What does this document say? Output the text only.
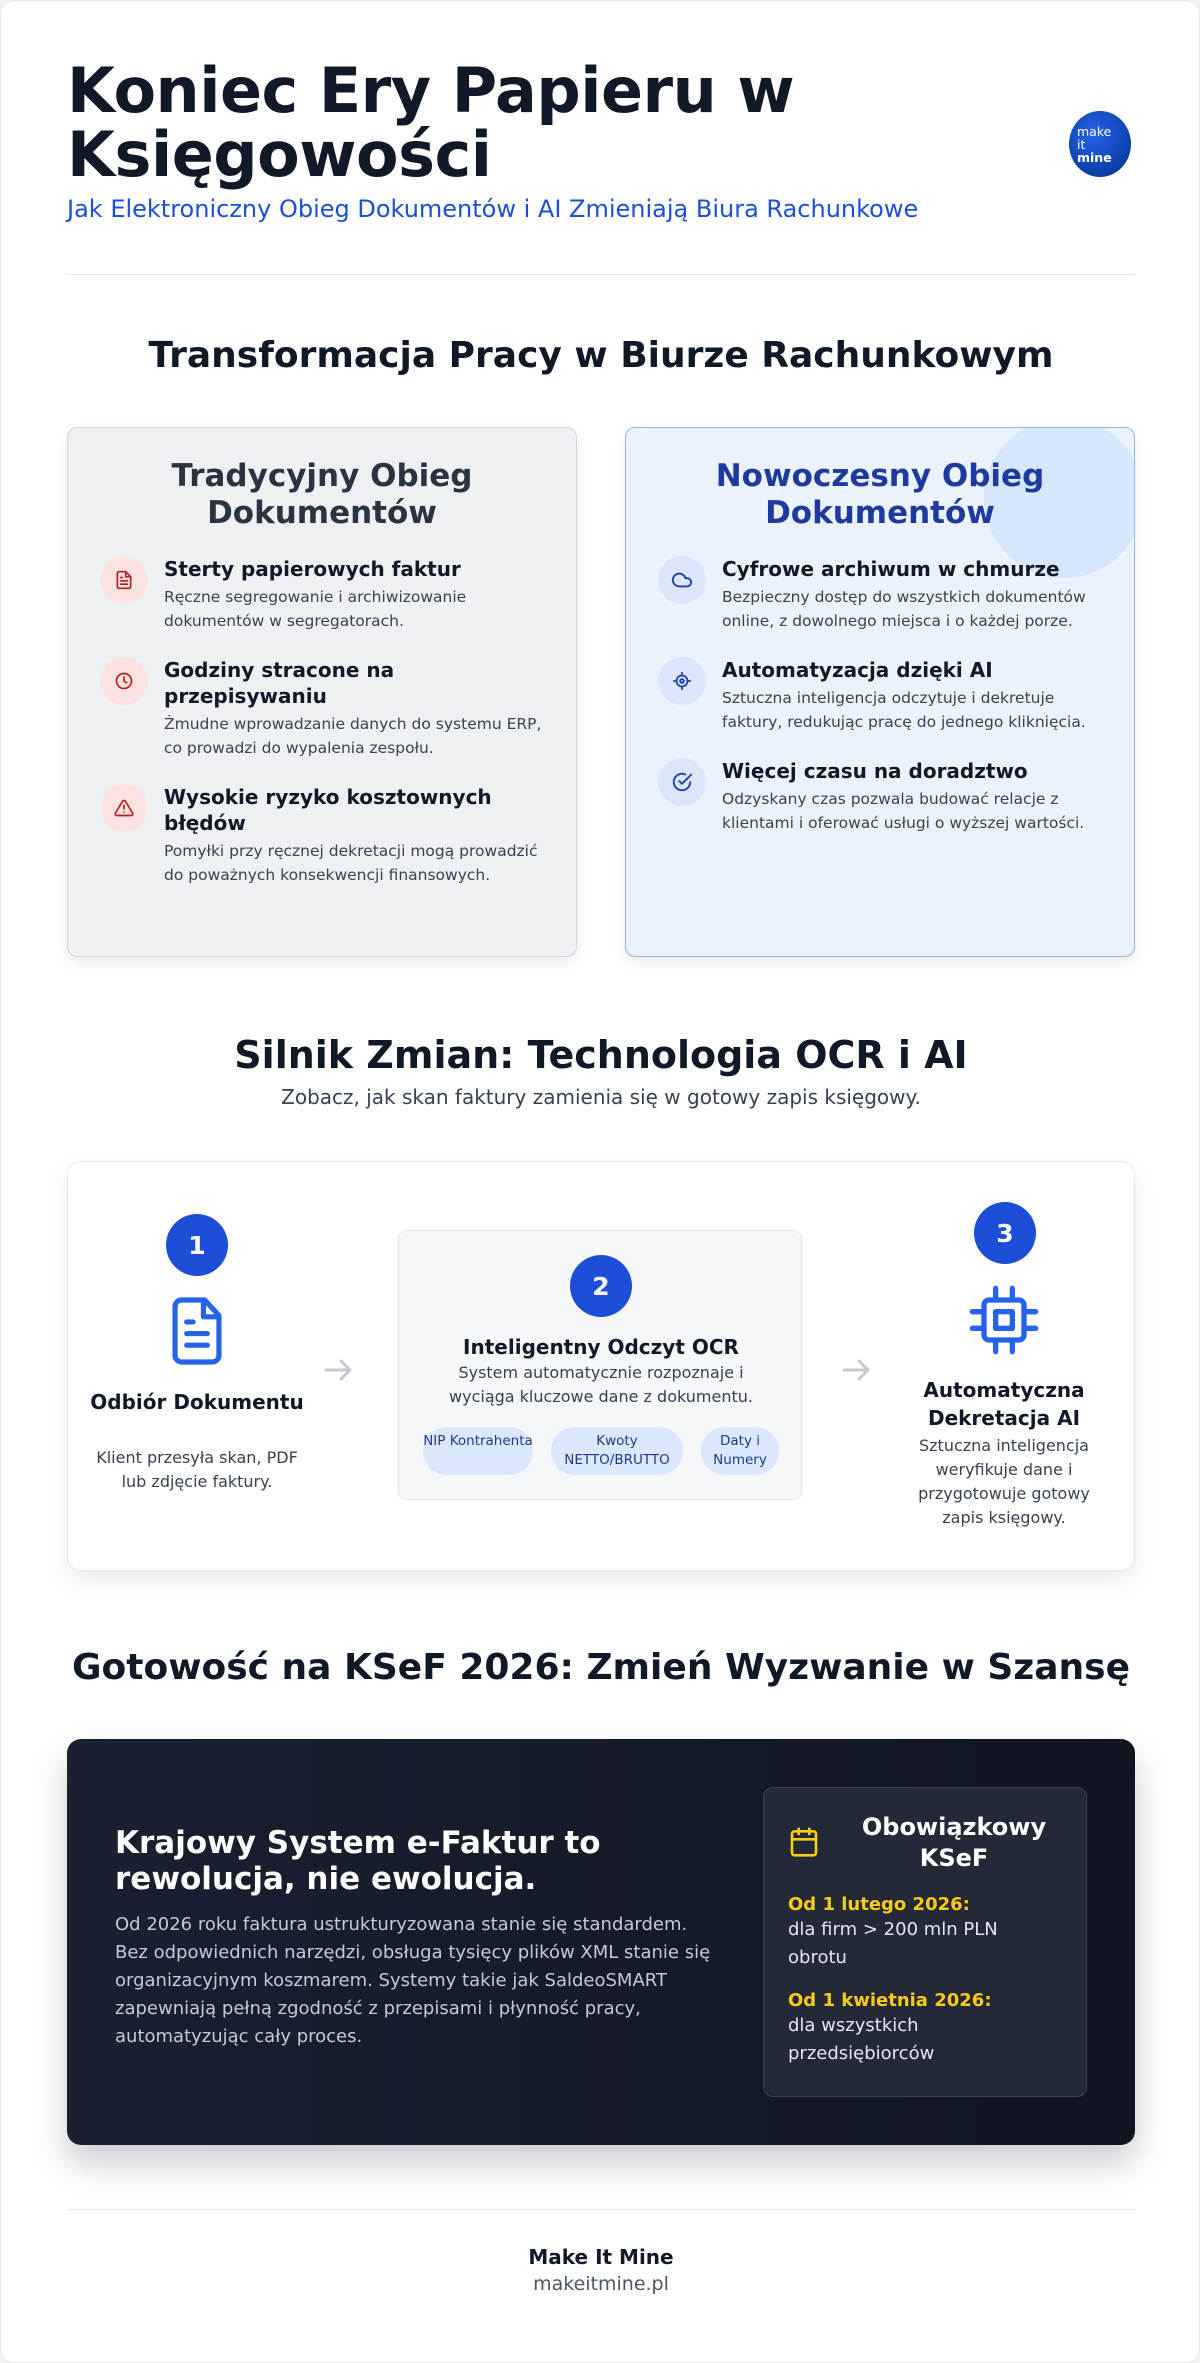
Koniec Ery Papieru w Księgowości
Jak Elektroniczny Obieg Dokumentów i AI Zmieniają Biura Rachunkowe
make
it
mine
Transformacja Pracy w Biurze Rachunkowym
Tradycyjny Obieg Dokumentów
Sterty papierowych faktur
Ręczne segregowanie i archiwizowanie dokumentów w segregatorach.
Godziny stracone na przepisywaniu
Żmudne wprowadzanie danych do systemu ERP, co prowadzi do wypalenia zespołu.
Wysokie ryzyko kosztownych błędów
Pomyłki przy ręcznej dekretacji mogą prowadzić do poważnych konsekwencji finansowych.
Nowoczesny Obieg Dokumentów
Cyfrowe archiwum w chmurze
Bezpieczny dostęp do wszystkich dokumentów online, z dowolnego miejsca i o każdej porze.
Automatyzacja dzięki AI
Sztuczna inteligencja odczytuje i dekretuje faktury, redukując pracę do jednego kliknięcia.
Więcej czasu na doradztwo
Odzyskany czas pozwala budować relacje z klientami i oferować usługi o wyższej wartości.
Silnik Zmian: Technologia OCR i AI
Zobacz, jak skan faktury zamienia się w gotowy zapis księgowy.
1
Odbiór Dokumentu
Klient przesyła skan, PDF lub zdjęcie faktury.
2
Inteligentny Odczyt OCR
System automatycznie rozpoznaje i wyciąga kluczowe dane z dokumentu.
NIP Kontrahenta	Kwoty NETTO/BRUTTO
Daty i Numery
3
Automatyczna Dekretacja AI
Sztuczna inteligencja weryfikuje dane i przygotowuje gotowy zapis księgowy.
Gotowość na KSeF 2026: Zmień Wyzwanie w Szansę
Krajowy System e-Faktur to rewolucja, nie ewolucja.
Od 2026 roku faktura ustrukturyzowana stanie się standardem. Bez odpowiednich narzędzi, obsługa tysięcy plików XML stanie się organizacyjnym koszmarem. Systemy takie jak SaldeoSMART zapewniają pełną zgodność z przepisami i płynność pracy, automatyzując cały proces.
Obowiązkowy KSeF
Od 1 lutego 2026:
dla firm > 200 mln PLN obrotu
Od 1 kwietnia 2026:
dla wszystkich przedsiębiorców
Make It Mine
makeitmine.pl
